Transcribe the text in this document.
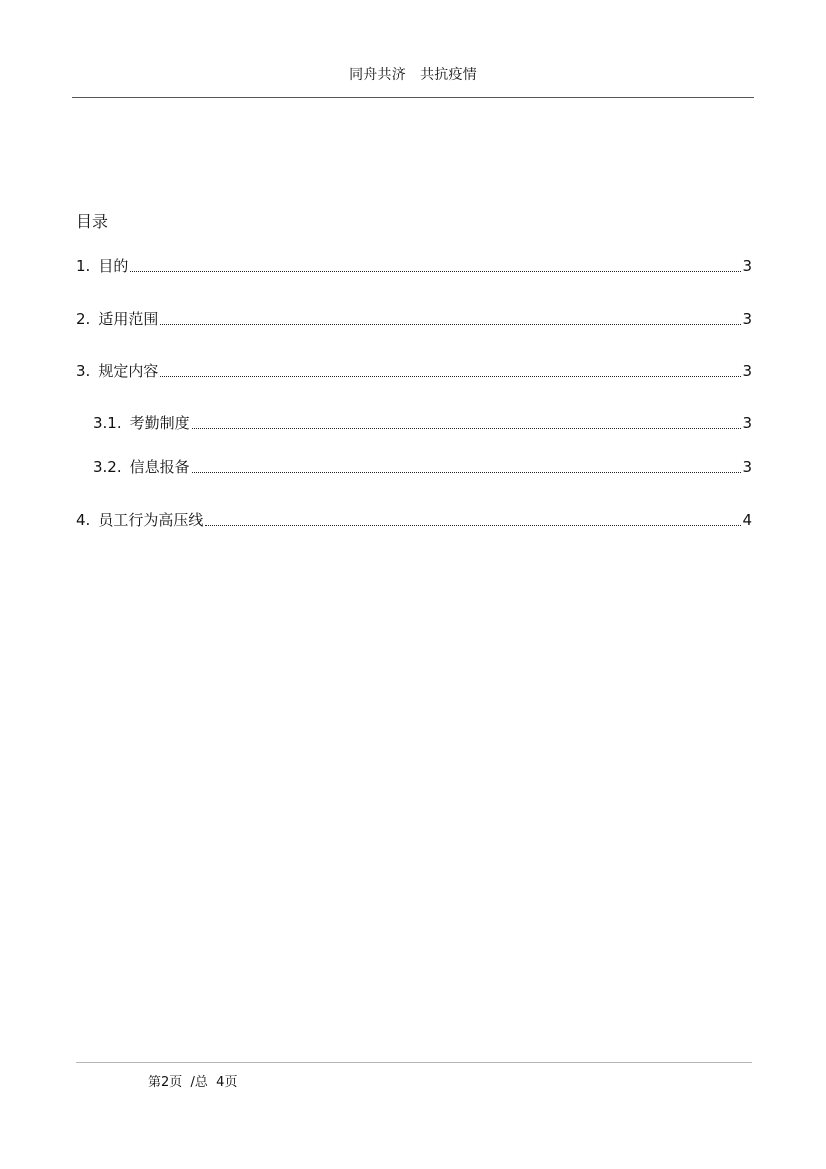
同舟共济　共抗疫情
目录
1. 目的	3
2. 适用范围	3
3. 规定内容	3
3.1. 考勤制度	3
3.2. 信息报备	3
4. 员工行为高压线	4
第2页  /总  4页
